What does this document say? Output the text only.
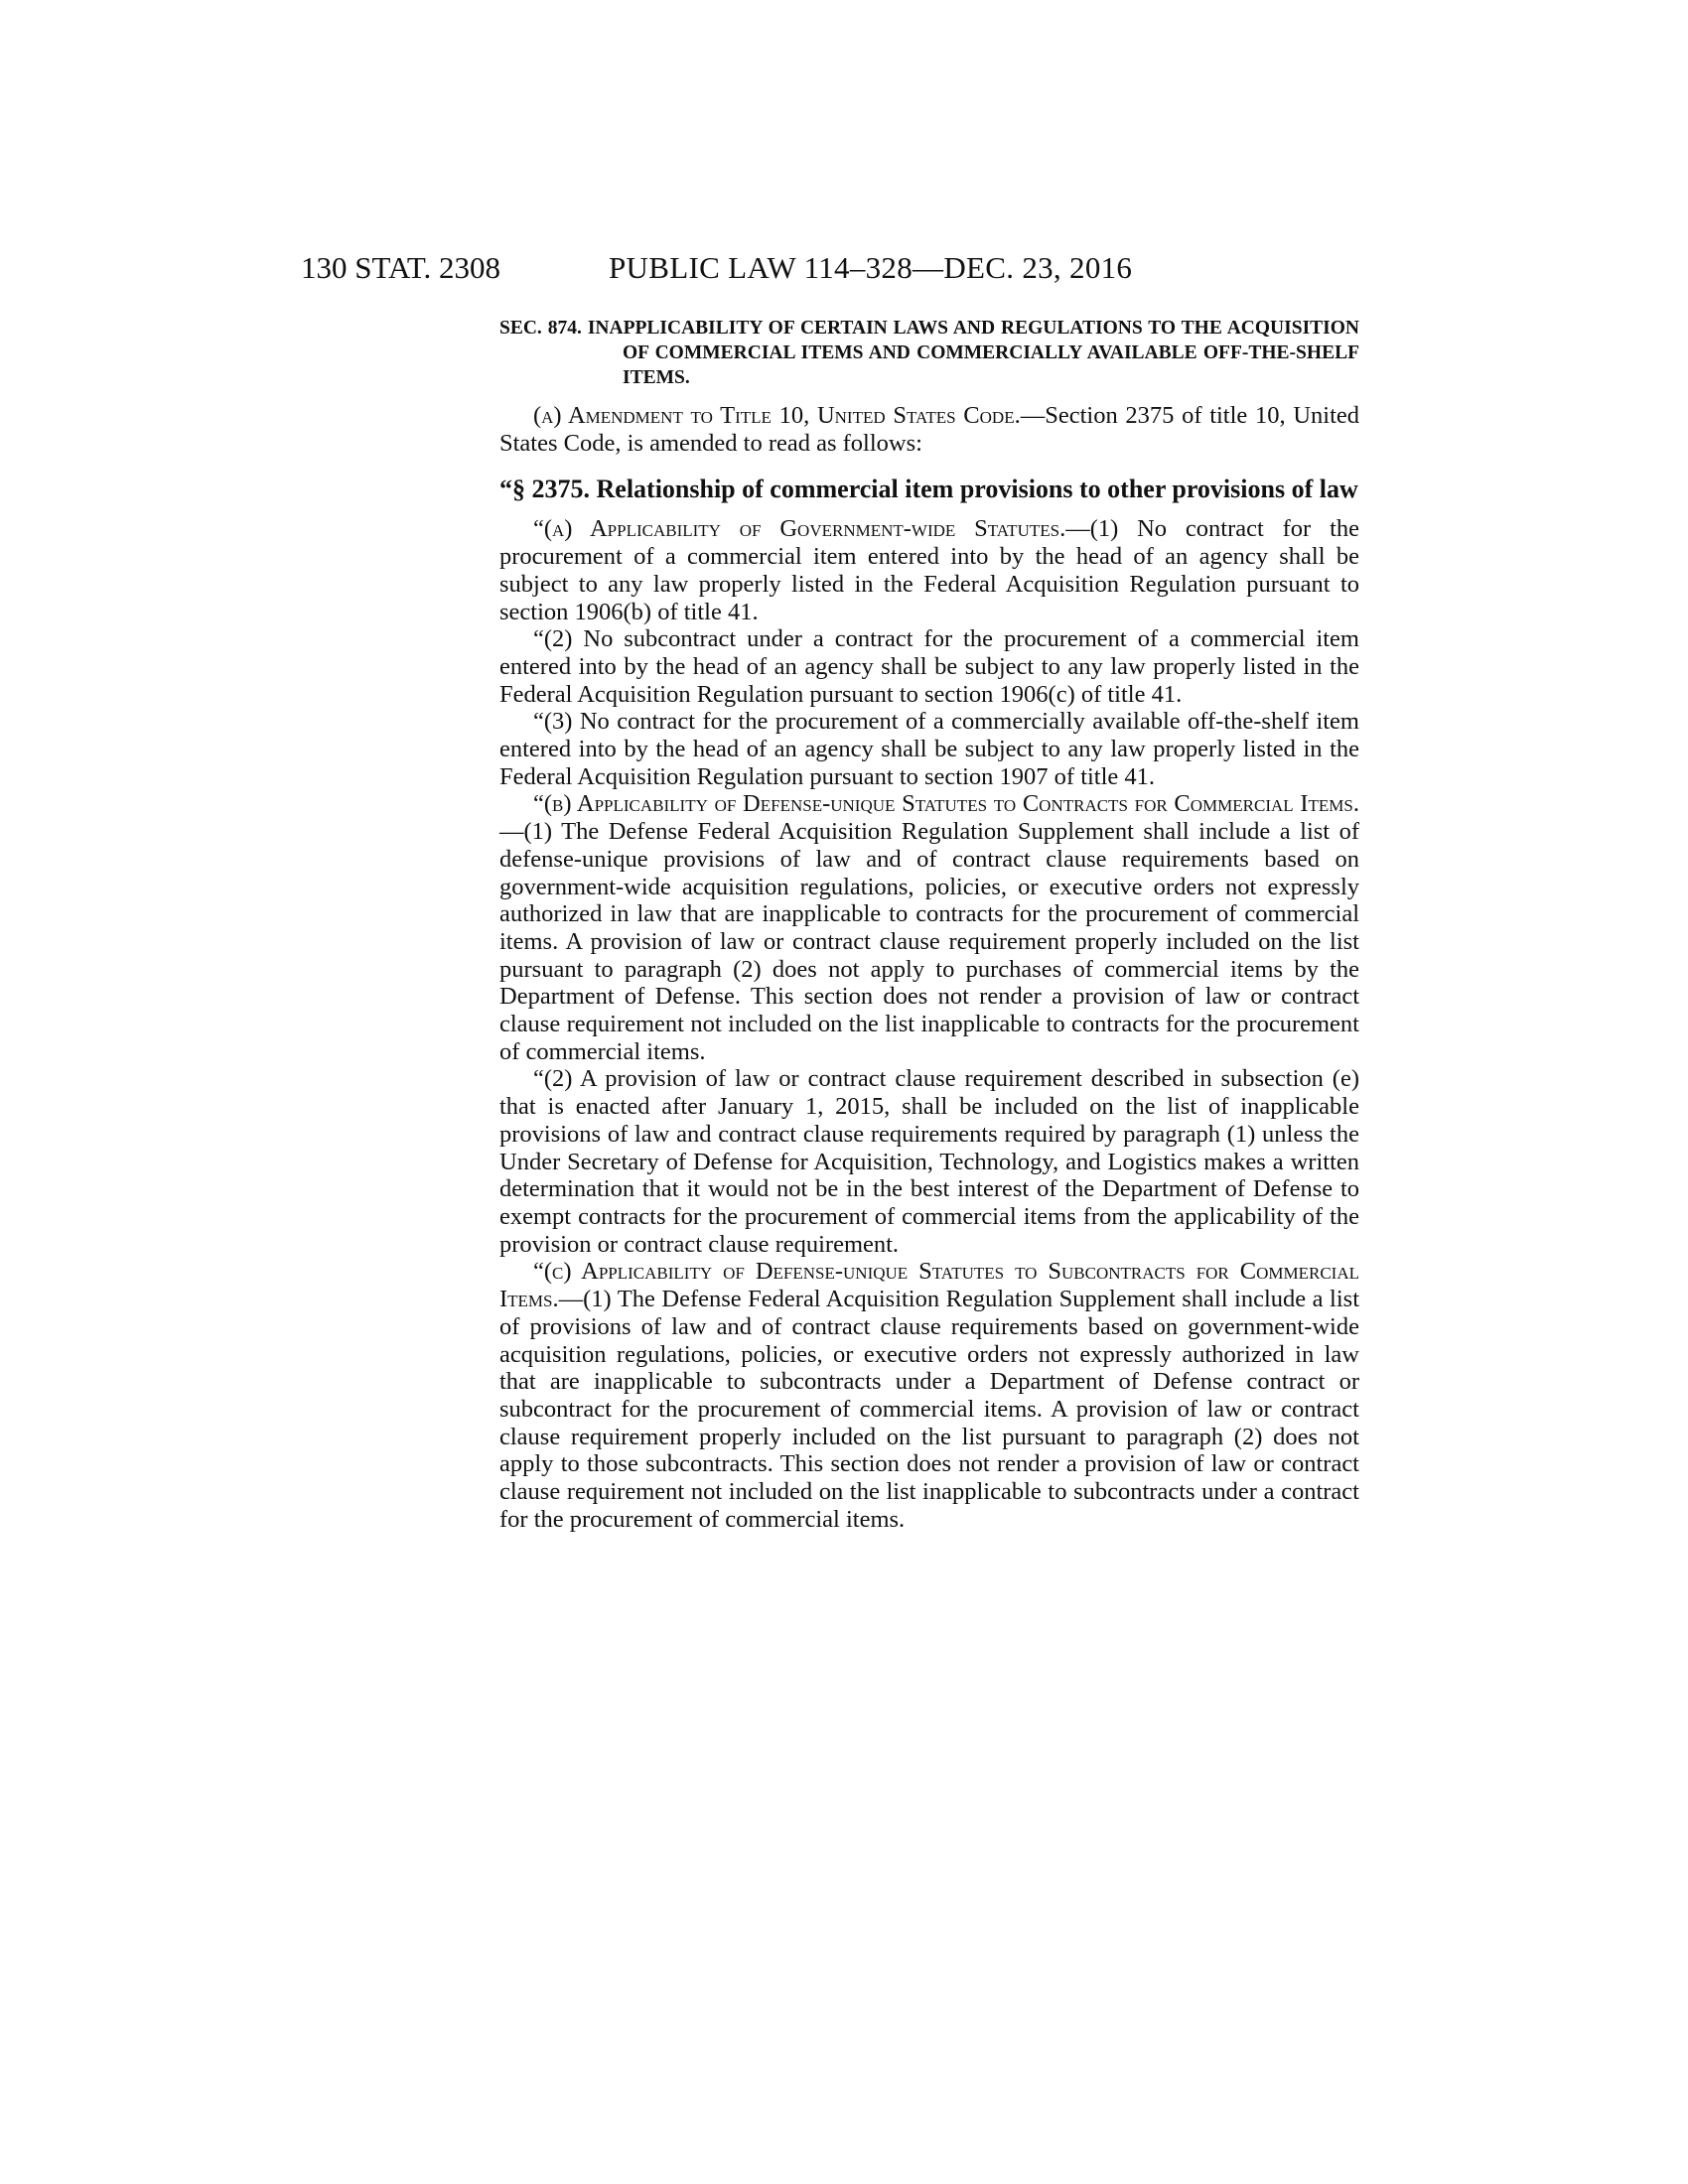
130 STAT. 2308	PUBLIC LAW 114–328—DEC. 23, 2016
SEC. 874. INAPPLICABILITY OF CERTAIN LAWS AND REGULATIONS TO THE ACQUISITION OF COMMERCIAL ITEMS AND COMMERCIALLY AVAILABLE OFF-THE-SHELF ITEMS.

(a) Amendment to Title 10, United States Code.—Section 2375 of title 10, United States Code, is amended to read as follows:

“§ 2375. Relationship of commercial item provisions to other provisions of law

“(a) Applicability of Government-wide Statutes.—(1) No contract for the procurement of a commercial item entered into by the head of an agency shall be subject to any law properly listed in the Federal Acquisition Regulation pursuant to section 1906(b) of title 41.

“(2) No subcontract under a contract for the procurement of a commercial item entered into by the head of an agency shall be subject to any law properly listed in the Federal Acquisition Regulation pursuant to section 1906(c) of title 41.

“(3) No contract for the procurement of a commercially available off-the-shelf item entered into by the head of an agency shall be subject to any law properly listed in the Federal Acquisition Regulation pursuant to section 1907 of title 41.

“(b) Applicability of Defense-unique Statutes to Contracts for Commercial Items.—(1) The Defense Federal Acquisition Regulation Supplement shall include a list of defense-unique provisions of law and of contract clause requirements based on government-wide acquisition regulations, policies, or executive orders not expressly authorized in law that are inapplicable to contracts for the procurement of commercial items. A provision of law or contract clause requirement properly included on the list pursuant to paragraph (2) does not apply to purchases of commercial items by the Department of Defense. This section does not render a provision of law or contract clause requirement not included on the list inapplicable to contracts for the procurement of commercial items.

“(2) A provision of law or contract clause requirement described in subsection (e) that is enacted after January 1, 2015, shall be included on the list of inapplicable provisions of law and contract clause requirements required by paragraph (1) unless the Under Secretary of Defense for Acquisition, Technology, and Logistics makes a written determination that it would not be in the best interest of the Department of Defense to exempt contracts for the procurement of commercial items from the applicability of the provision or contract clause requirement.

“(c) Applicability of Defense-unique Statutes to Subcontracts for Commercial Items.—(1) The Defense Federal Acquisition Regulation Supplement shall include a list of provisions of law and of contract clause requirements based on government-wide acquisition regulations, policies, or executive orders not expressly authorized in law that are inapplicable to subcontracts under a Department of Defense contract or subcontract for the procurement of commercial items. A provision of law or contract clause requirement properly included on the list pursuant to paragraph (2) does not apply to those subcontracts. This section does not render a provision of law or contract clause requirement not included on the list inapplicable to subcontracts under a contract for the procurement of commercial items.
